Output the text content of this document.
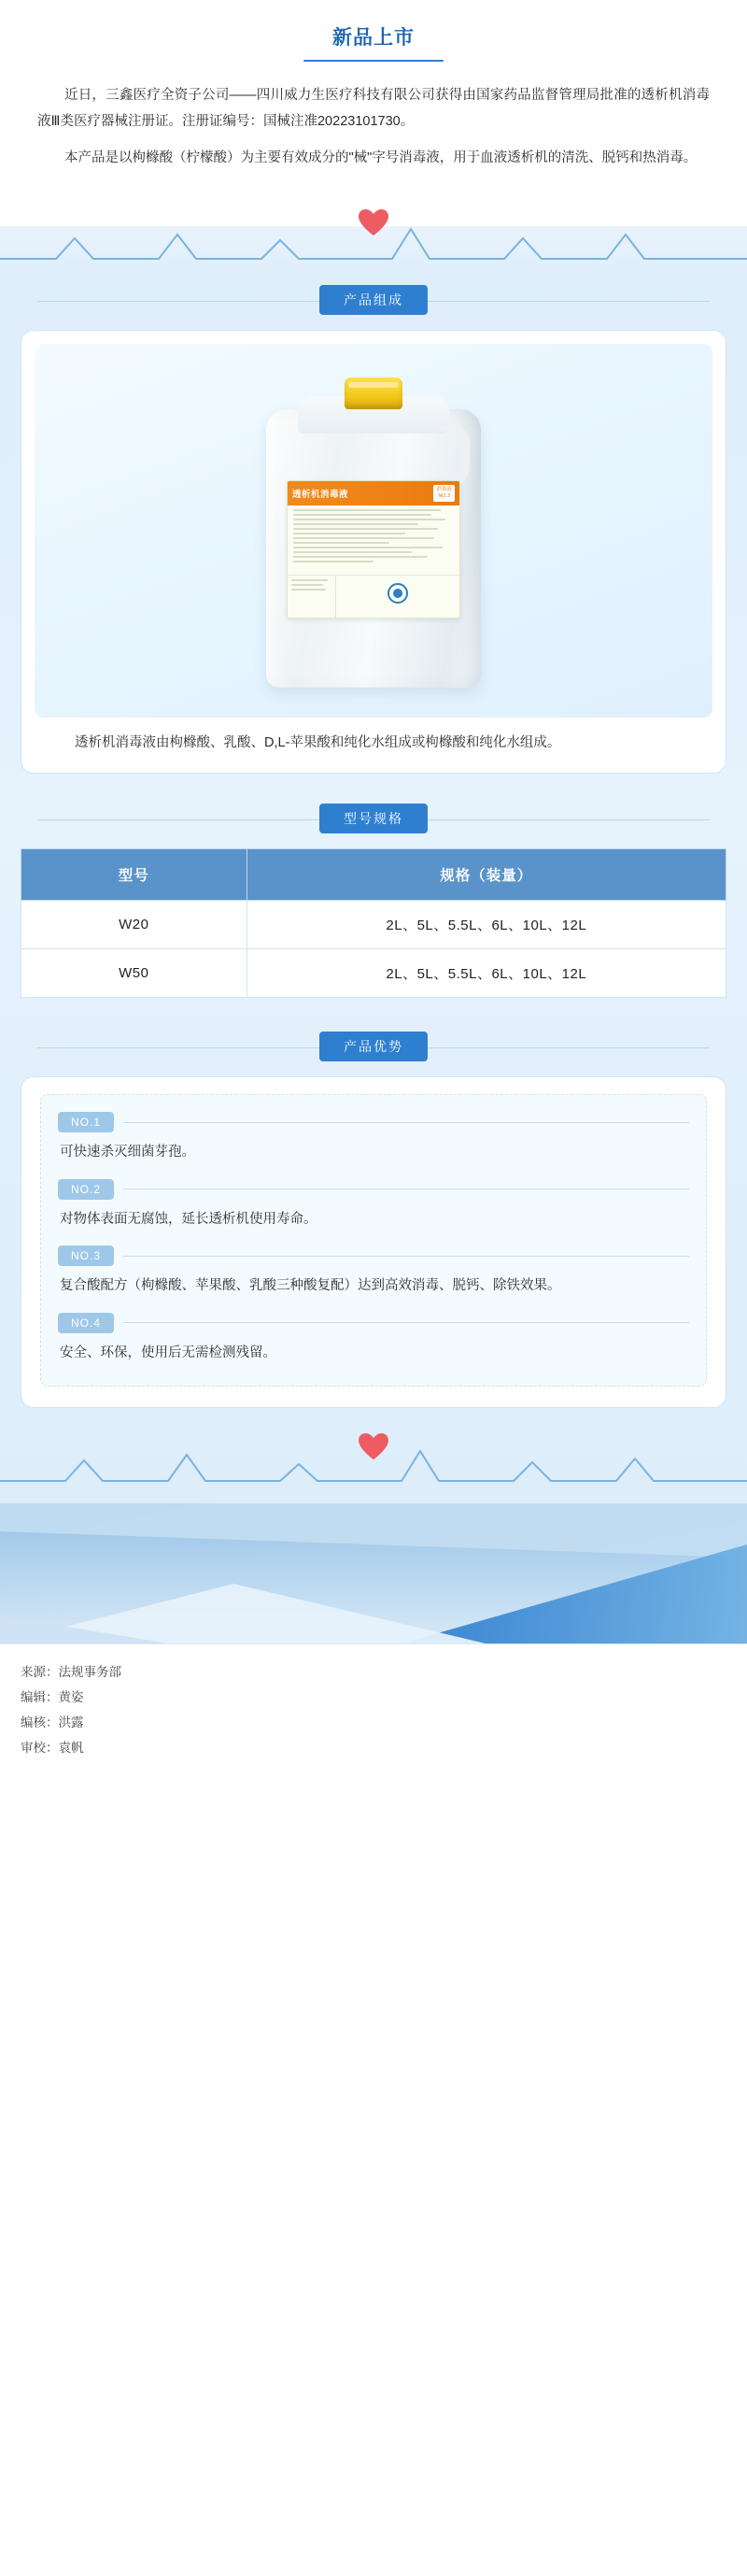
新品上市

近日，三鑫医疗全资子公司——四川威力生医疗科技有限公司获得由国家药品监督管理局批准的透析机消毒液Ⅲ类医疗器械注册证。注册证编号：国械注准20223101730。

本产品是以枸橼酸（柠檬酸）为主要有效成分的"械"字号消毒液，用于血液透析机的清洗、脱钙和热消毒。

产品组成
透析机消毒液	消毒液
NO.3
透析机消毒液由枸橼酸、乳酸、D,L-苹果酸和纯化水组成或枸橼酸和纯化水组成。
型号规格
型号	规格（装量）
W20	2L、5L、5.5L、6L、10L、12L
W50	2L、5L、5.5L、6L、10L、12L
产品优势
NO.1
可快速杀灭细菌芽孢。
NO.2
对物体表面无腐蚀，延长透析机使用寿命。
NO.3
复合酸配方（枸橼酸、苹果酸、乳酸三种酸复配）达到高效消毒、脱钙、除铁效果。
NO.4
安全、环保，使用后无需检测残留。
来源：法规事务部
编辑：黄姿
编核：洪露
审校：袁帆
